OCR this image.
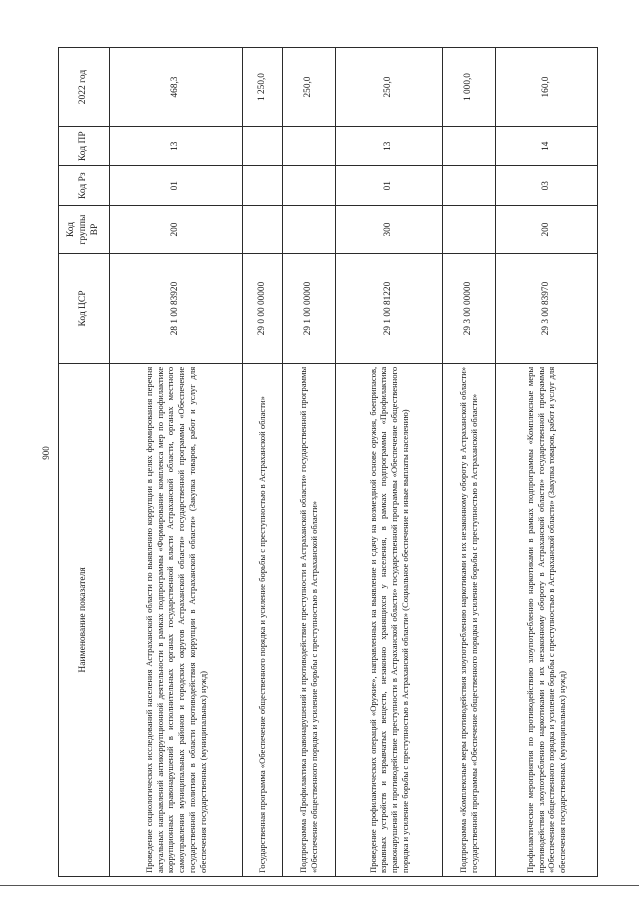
900
Наименование показателя	Код ЦСР	Код группы ВР	Код Рз	Код ПР	2022 год
Проведение социологических исследований населения Астраханской области по выявлению коррупции в целях формирования перечня актуальных направлений антикоррупционной деятельности в рамках подпрограммы «Формирование комплекса мер по профилактике коррупционных правонарушений в исполнительных органах государственной власти Астраханской области, органах местного самоуправления муниципальных районов и городских округов Астраханской области» государственной программы «Обеспечение государственной политики в области противодействия коррупции в Астраханской области» (Закупка товаров, работ и услуг для обеспечения государственных (муниципальных) нужд)	28 1 00 83920	200	01	13	468,3
Государственная программа «Обеспечение общественного порядка и усиление борьбы с преступностью в Астраханской области»	29 0 00 00000				1 250,0
Подпрограмма «Профилактика правонарушений и противодействие преступности в Астраханской области» государственной программы «Обеспечение общественного порядка и усиление борьбы с преступностью в Астраханской области»	29 1 00 00000				250,0
Проведение профилактических операций «Оружие», направленных на выявление и сдачу на возмездной основе оружия, боеприпасов, взрывных устройств и взрывчатых веществ, незаконно хранящихся у населения, в рамках подпрограммы «Профилактика правонарушений и противодействие преступности в Астраханской области» государственной программы «Обеспечение общественного порядка и усиление борьбы с преступностью в Астраханской области» (Социальное обеспечение и иные выплаты населению)	29 1 00 81220	300	01	13	250,0
Подпрограмма «Комплексные меры противодействия злоупотреблению наркотиками и их незаконному обороту в Астраханской области» государственной программы «Обеспечение общественного порядка и усиление борьбы с преступностью в Астраханской области»	29 3 00 00000				1 000,0
Профилактические мероприятия по противодействию злоупотреблению наркотиками в рамках подпрограммы «Комплексные меры противодействия злоупотреблению наркотиками и их незаконному обороту в Астраханской области» государственной программы «Обеспечение общественного порядка и усиление борьбы с преступностью в Астраханской области» (Закупка товаров, работ и услуг для обеспечения государственных (муниципальных) нужд)	29 3 00 83970	200	03	14	160,0
